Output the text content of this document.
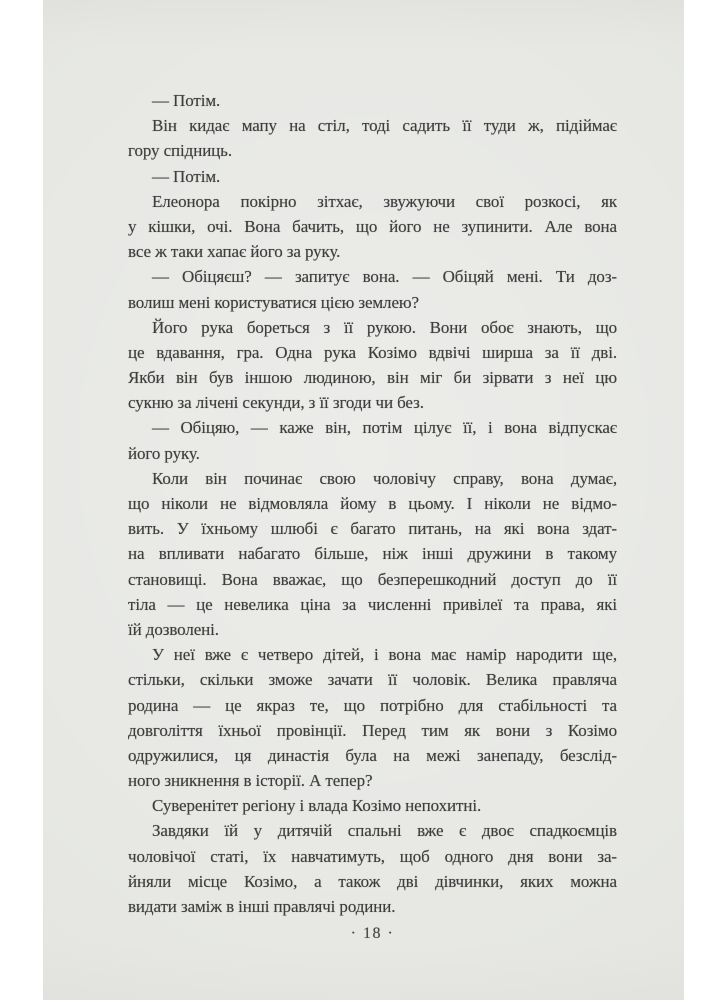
— Потім.
Він кидає мапу на стіл, тоді садить її туди ж, підіймає
гору спідниць.
— Потім.
Елеонора покірно зітхає, звужуючи свої розкосі, як
у кішки, очі. Вона бачить, що його не зупинити. Але вона
все ж таки хапає його за руку.
— Обіцяєш? — запитує вона. — Обіцяй мені. Ти доз-
волиш мені користуватися цією землею?
Його рука бореться з її рукою. Вони обоє знають, що
це вдавання, гра. Одна рука Козімо вдвічі ширша за її дві.
Якби він був іншою людиною, він міг би зірвати з неї цю
сукню за лічені секунди, з її згоди чи без.
— Обіцяю, — каже він, потім цілує її, і вона відпускає
його руку.
Коли він починає свою чоловічу справу, вона думає,
що ніколи не відмовляла йому в цьому. І ніколи не відмо-
вить. У їхньому шлюбі є багато питань, на які вона здат-
на впливати набагато більше, ніж інші дружини в такому
становищі. Вона вважає, що безперешкодний доступ до її
тіла — це невелика ціна за численні привілеї та права, які
їй дозволені.
У неї вже є четверо дітей, і вона має намір народити ще,
стільки, скільки зможе зачати її чоловік. Велика правляча
родина — це якраз те, що потрібно для стабільності та
довголіття їхньої провінції. Перед тим як вони з Козімо
одружилися, ця династія була на межі занепаду, безслід-
ного зникнення в історії. А тепер?
Суверенітет регіону і влада Козімо непохитні.
Завдяки їй у дитячій спальні вже є двоє спадкоємців
чоловічої статі, їх навчатимуть, щоб одного дня вони за-
йняли місце Козімо, а також дві дівчинки, яких можна
видати заміж в інші правлячі родини.
· 18 ·
